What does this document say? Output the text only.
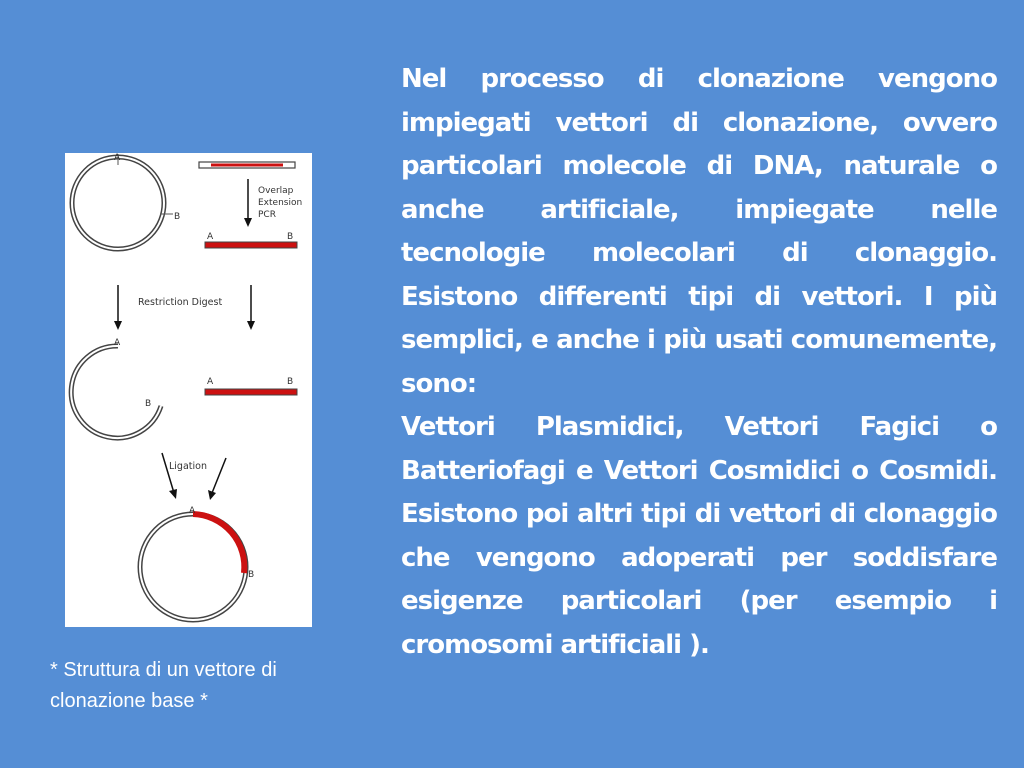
A
B
Overlap
Extension
PCR
A	B
Restriction Digest
A
B
A	B
Ligation
A
B
* Struttura di un vettore di clonazione base *

Nel processo di clonazione vengono impiegati vettori di clonazione, ovvero particolari molecole di DNA, naturale o anche artificiale, impiegate nelle tecnologie molecolari di clonaggio. Esistono differenti tipi di vettori. I più semplici, e anche i più usati comunemente, sono:

Vettori Plasmidici, Vettori Fagici o Batteriofagi e Vettori Cosmidici o Cosmidi. Esistono poi altri tipi di vettori di clonaggio che vengono adoperati per soddisfare esigenze particolari (per esempio i cromosomi artificiali ).
